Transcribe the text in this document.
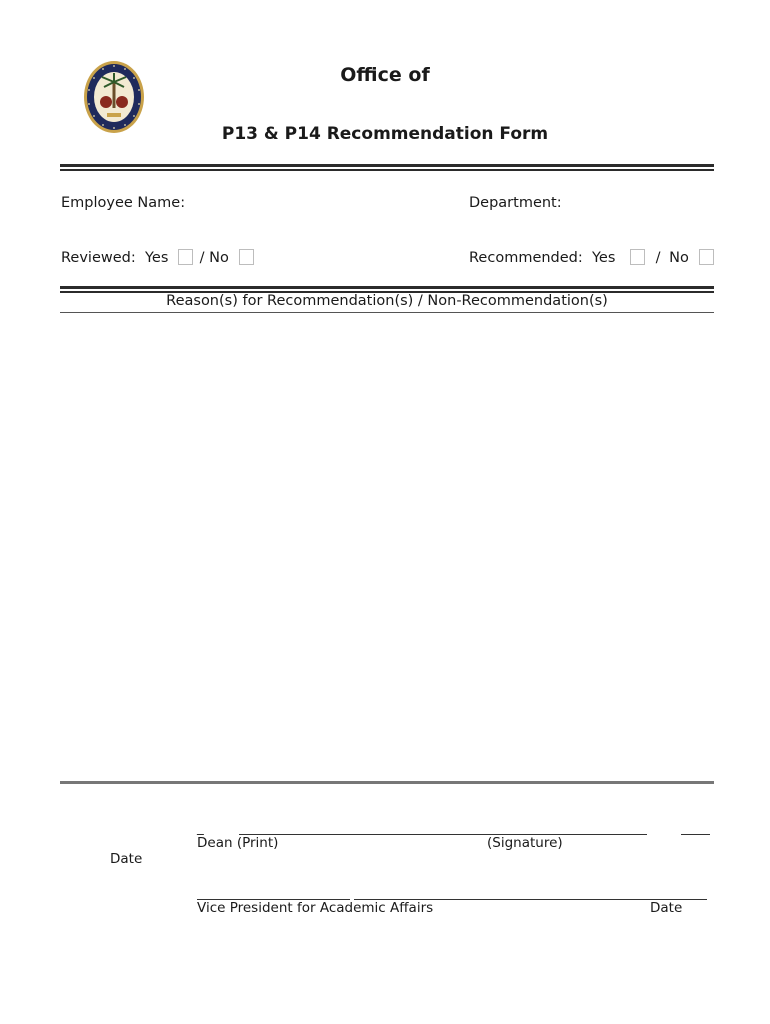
Office of
P13 & P14 Recommendation Form
Employee Name:	Department:
Reviewed: Yes / No	Recommended: Yes	/ No
Reason(s) for Recommendation(s) / Non-Recommendation(s)
_
Dean (Print)	(Signature)
Date
Vice President for Academic Affairs	Date
